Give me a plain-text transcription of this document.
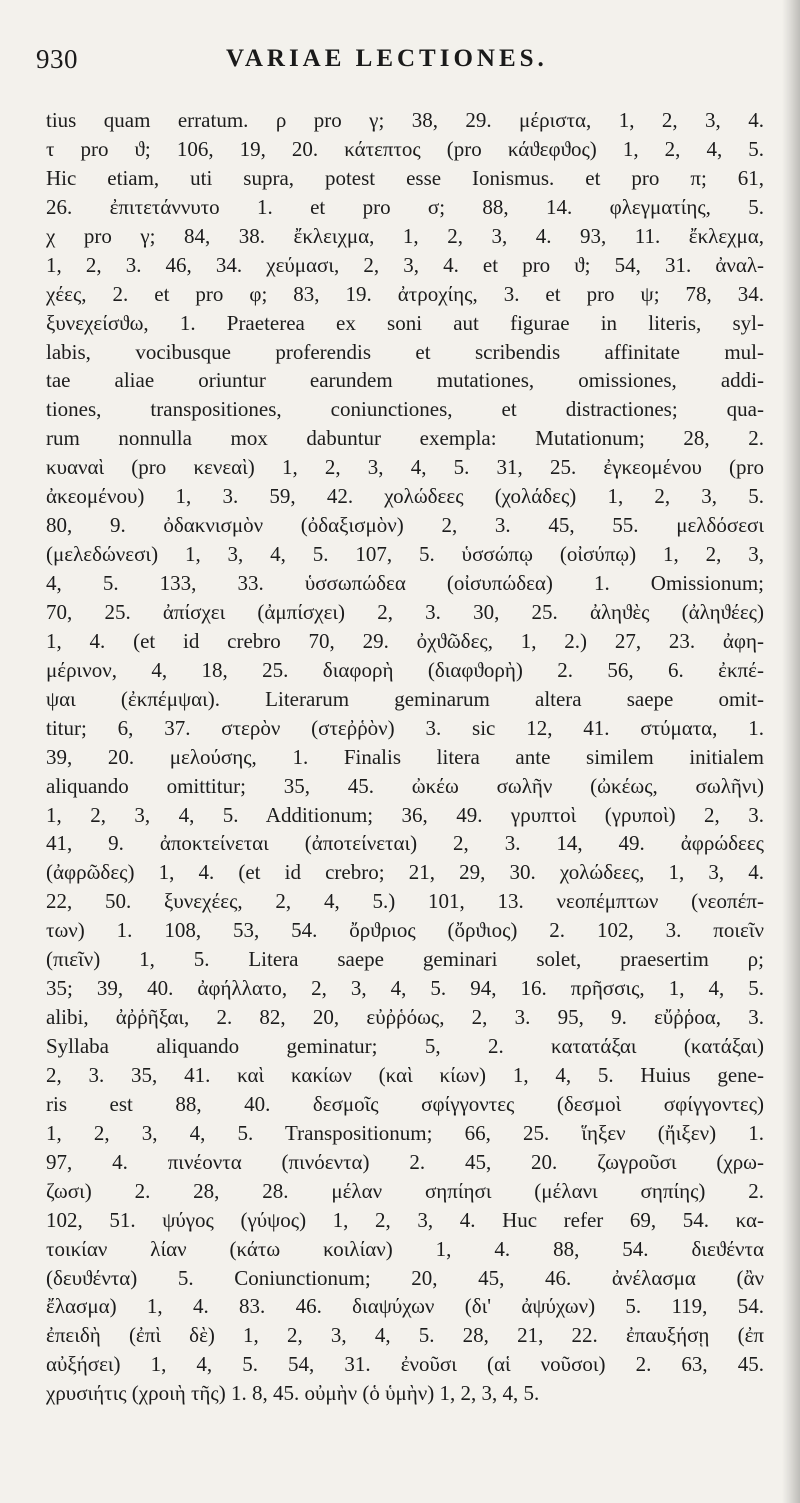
930	VARIAE LECTIONES.
tius quam erratum. ρ pro γ; 38, 29. μέριστα, 1, 2, 3, 4.
τ pro ϑ; 106, 19, 20. κάτεπτος (pro κάϑεφϑος) 1, 2, 4, 5.
Hic etiam, uti supra, potest esse Ionismus. et pro π; 61,
26. ἐπιτετάννυτο 1. et pro σ; 88, 14. φλεγματίης, 5.
χ pro γ; 84, 38. ἔκλειχμα, 1, 2, 3, 4. 93, 11. ἔκλεχμα,
1, 2, 3. 46, 34. χεύμασι, 2, 3, 4. et pro ϑ; 54, 31. ἀναλ-
χέες, 2. et pro φ; 83, 19. ἀτροχίης, 3. et pro ψ; 78, 34.
ξυνεχείσϑω, 1. Praeterea ex soni aut figurae in literis, syl-
labis, vocibusque proferendis et scribendis affinitate mul-
tae aliae oriuntur earundem mutationes, omissiones, addi-
tiones, transpositiones, coniunctiones, et distractiones; qua-
rum nonnulla mox dabuntur exempla: Mutationum; 28, 2.
κυαναὶ (pro κενεαὶ) 1, 2, 3, 4, 5. 31, 25. ἐγκεομένου (pro
ἀκεομένου) 1, 3. 59, 42. χολώδεες (χολάδες) 1, 2, 3, 5.
80, 9. ὀδακνισμὸν (ὀδαξισμὸν) 2, 3. 45, 55. μελδόσεσι
(μελεδώνεσι) 1, 3, 4, 5. 107, 5. ὑσσώπῳ (οἰσύπῳ) 1, 2, 3,
4, 5. 133, 33. ὑσσωπώδεα (οἰσυπώδεα) 1. Omissionum;
70, 25. ἀπίσχει (ἀμπίσχει) 2, 3. 30, 25. ἀληϑὲς (ἀληϑέες)
1, 4. (et id crebro 70, 29. ὀχϑῶδες, 1, 2.) 27, 23. ἀφη-
μέρινον, 4, 18, 25. διαφορὴ (διαφϑορὴ) 2. 56, 6. ἐκπέ-
ψαι (ἐκπέμψαι). Literarum geminarum altera saepe omit-
titur; 6, 37. στερὸν (στεῤῥὸν) 3. sic 12, 41. στύματα, 1.
39, 20. μελούσης, 1. Finalis litera ante similem initialem
aliquando omittitur; 35, 45. ὠκέω σωλῆν (ὠκέως, σωλῆνι)
1, 2, 3, 4, 5. Additionum; 36, 49. γρυπτοὶ (γρυποὶ) 2, 3.
41, 9. ἀποκτείνεται (ἀποτείνεται) 2, 3. 14, 49. ἀφρώδεες
(ἀφρῶδες) 1, 4. (et id crebro; 21, 29, 30. χολώδεες, 1, 3, 4.
22, 50. ξυνεχέες, 2, 4, 5.) 101, 13. νεοπέμπτων (νεοπέπ-
των) 1. 108, 53, 54. ὄρϑριος (ὄρϑιος) 2. 102, 3. ποιεῖν
(πιεῖν) 1, 5. Litera saepe geminari solet, praesertim ρ;
35; 39, 40. ἀφήλλατο, 2, 3, 4, 5. 94, 16. πρῆσσις, 1, 4, 5.
alibi, ἀῤῥῆξαι, 2. 82, 20, εὐῤῥόως, 2, 3. 95, 9. εὔῤῥοα, 3.
Syllaba aliquando geminatur; 5, 2. κατατάξαι (κατάξαι)
2, 3. 35, 41. καὶ κακίων (καὶ κίων) 1, 4, 5. Huius gene-
ris est 88, 40. δεσμοῖς σφίγγοντες (δεσμοὶ σφίγγοντες)
1, 2, 3, 4, 5. Transpositionum; 66, 25. ἵηξεν (ἤιξεν) 1.
97, 4. πινέοντα (πινόεντα) 2. 45, 20. ζωγροῦσι (χρω-
ζωσι) 2. 28, 28. μέλαν σηπίησι (μέλανι σηπίης) 2.
102, 51. ψύγος (γύψος) 1, 2, 3, 4. Huc refer 69, 54. κα-
τοικίαν λίαν (κάτω κοιλίαν) 1, 4. 88, 54. διεϑέντα
(δευϑέντα) 5. Coniunctionum; 20, 45, 46. ἀνέλασμα (ἂν
ἔλασμα) 1, 4. 83. 46. διαψύχων (δι' ἀψύχων) 5. 119, 54.
ἐπειδὴ (ἐπὶ δὲ) 1, 2, 3, 4, 5. 28, 21, 22. ἐπαυξήσῃ (ἐπ
αὐξήσει) 1, 4, 5. 54, 31. ἐνοῦσι (αἱ νοῦσοι) 2. 63, 45.
χρυσιήτις (χροιὴ τῆς) 1. 8, 45. οὐμὴν (ὁ ὑμὴν) 1, 2, 3, 4, 5.
